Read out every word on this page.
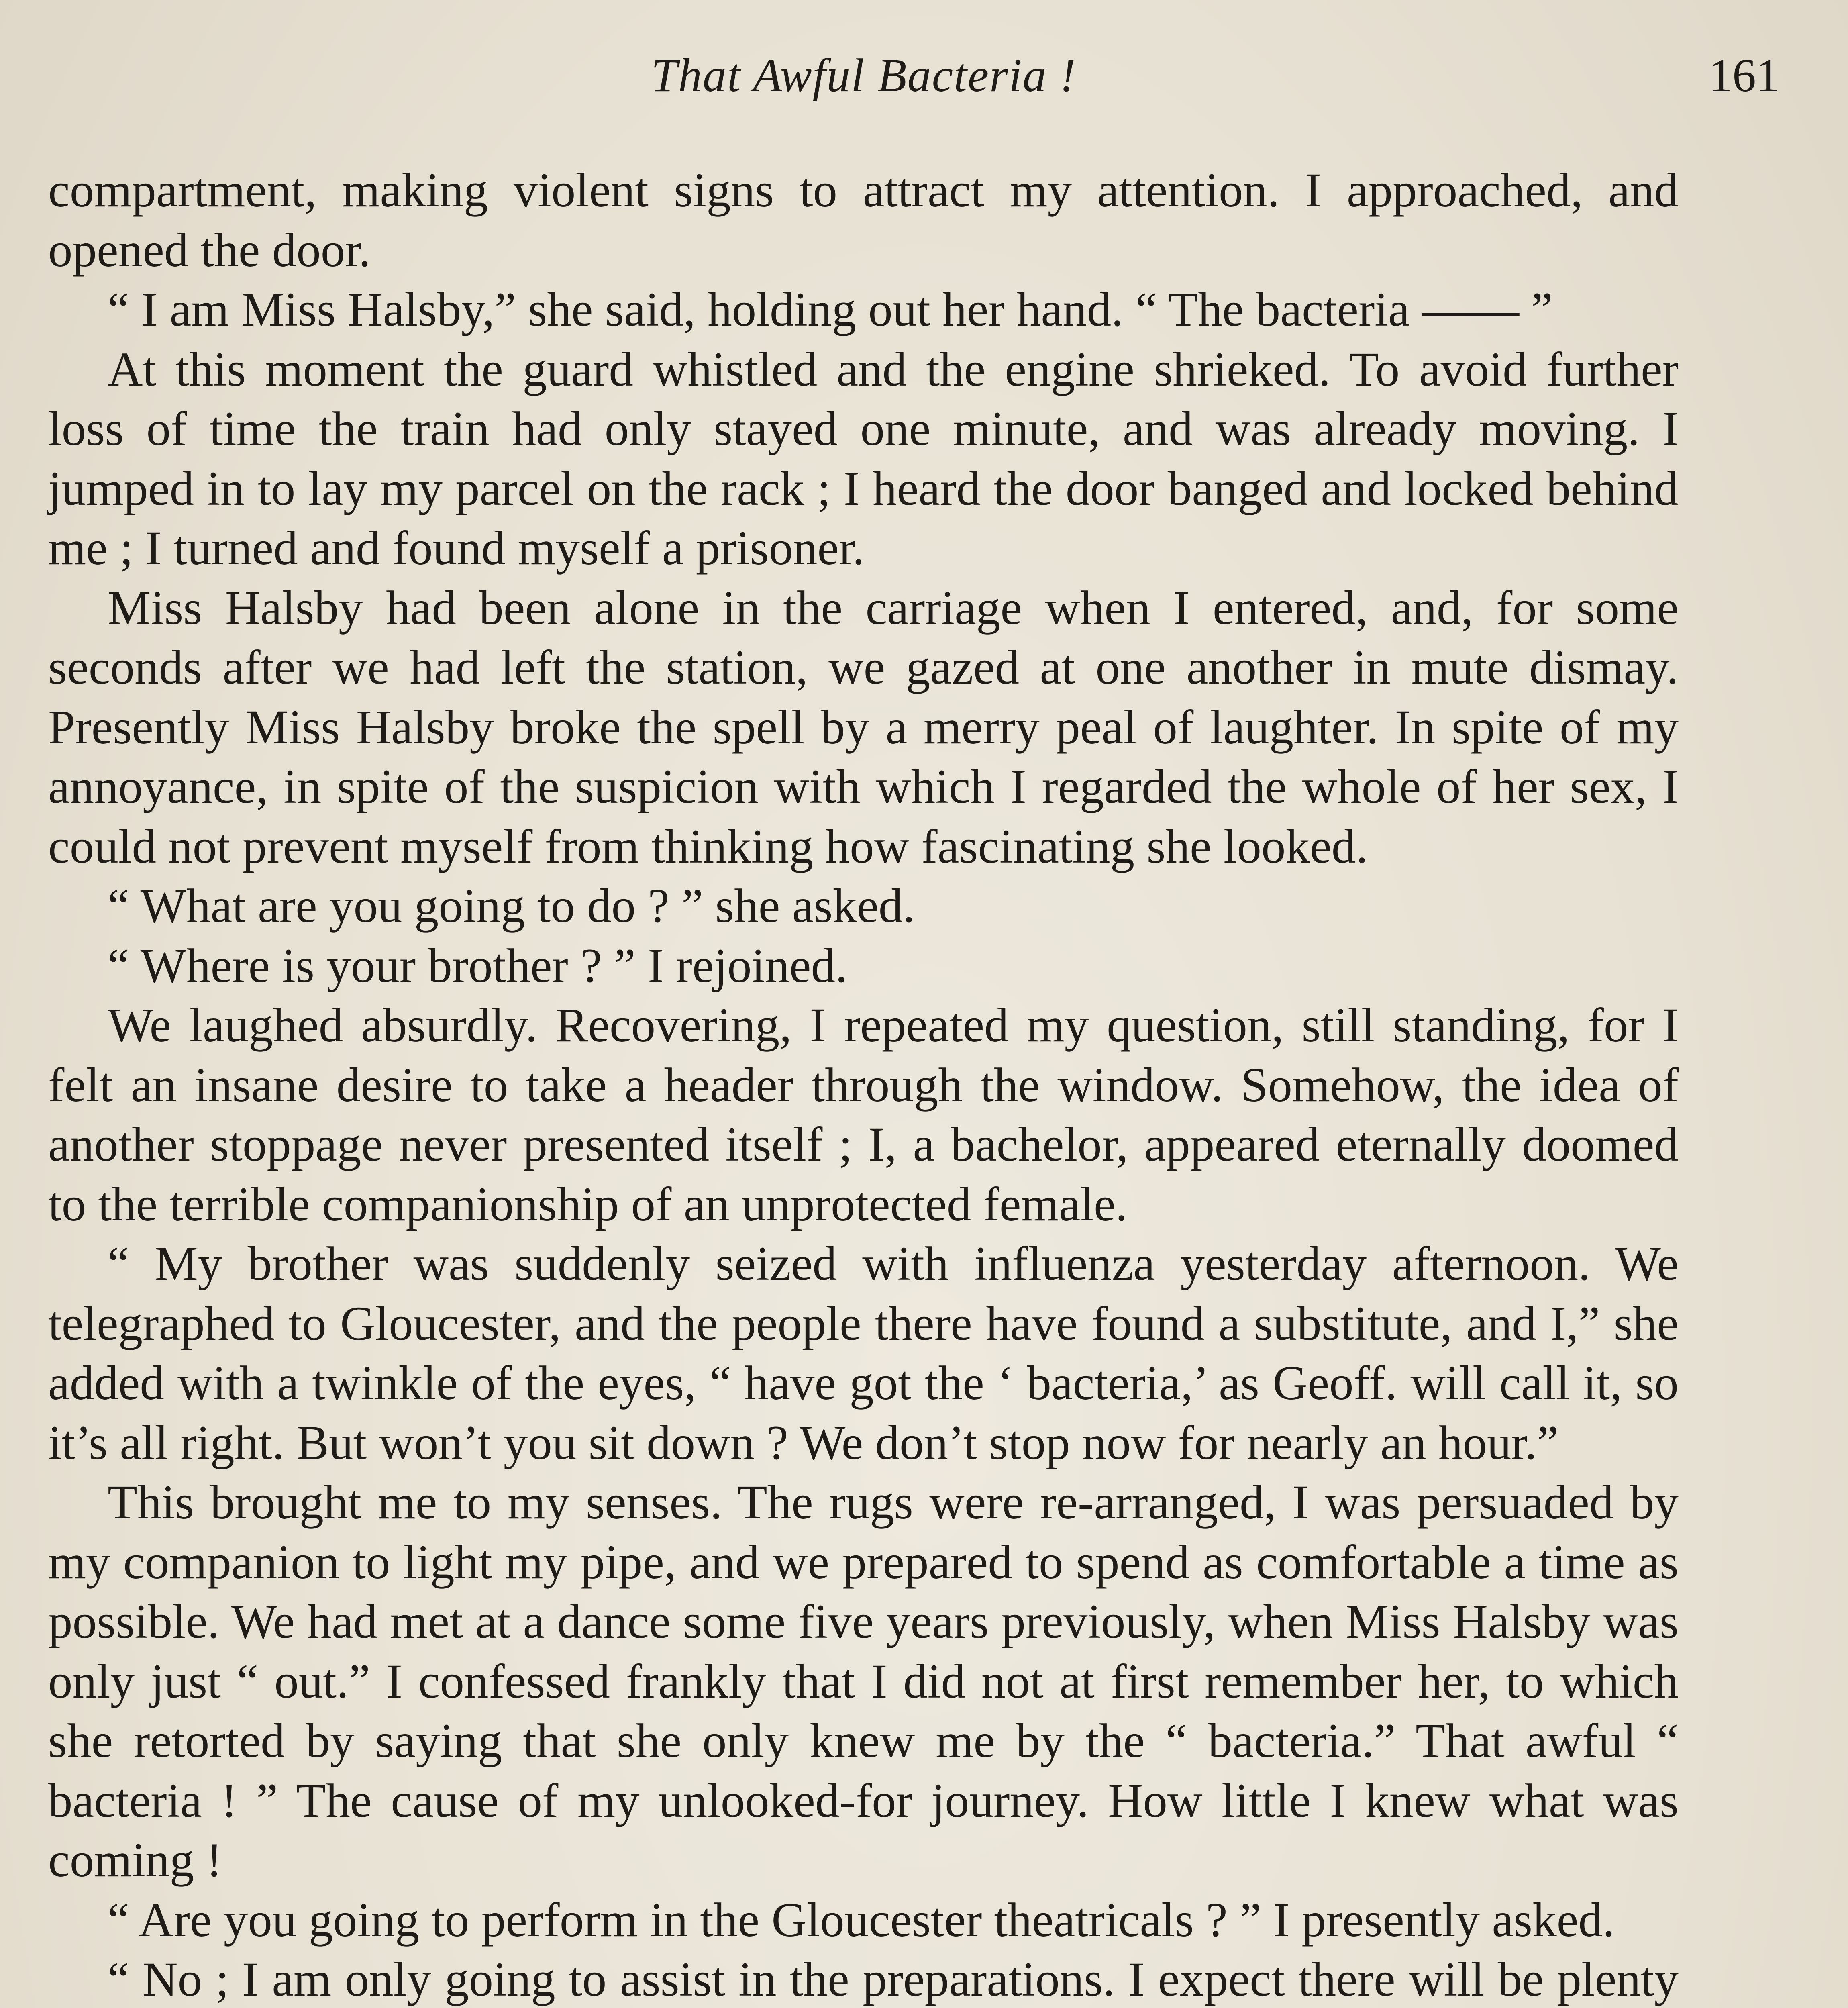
That Awful Bacteria !	161

compartment, making violent signs to attract my attention. I approached, and opened the door.

“ I am Miss Halsby,” she said, holding out her hand. “ The bacteria —— ”

At this moment the guard whistled and the engine shrieked. To avoid further loss of time the train had only stayed one minute, and was already moving. I jumped in to lay my parcel on the rack ; I heard the door banged and locked behind me ; I turned and found myself a prisoner.

Miss Halsby had been alone in the carriage when I entered, and, for some seconds after we had left the station, we gazed at one another in mute dismay. Presently Miss Halsby broke the spell by a merry peal of laughter. In spite of my annoyance, in spite of the suspicion with which I regarded the whole of her sex, I could not prevent myself from thinking how fascinating she looked.

“ What are you going to do ? ” she asked.

“ Where is your brother ? ” I rejoined.

We laughed absurdly. Recovering, I repeated my question, still standing, for I felt an insane desire to take a header through the window. Somehow, the idea of another stoppage never presented itself ; I, a bachelor, appeared eternally doomed to the terrible companionship of an unprotected female.

“ My brother was suddenly seized with influenza yesterday afternoon. We telegraphed to Gloucester, and the people there have found a substitute, and I,” she added with a twinkle of the eyes, “ have got the ‘ bacteria,’ as Geoff. will call it, so it’s all right. But won’t you sit down ? We don’t stop now for nearly an hour.”

This brought me to my senses. The rugs were re-arranged, I was persuaded by my companion to light my pipe, and we prepared to spend as comfortable a time as possible. We had met at a dance some five years previously, when Miss Halsby was only just “ out.” I confessed frankly that I did not at first remember her, to which she retorted by saying that she only knew me by the “ bacteria.” That awful “ bacteria ! ” The cause of my unlooked-for journey. How little I knew what was coming !

“ Are you going to perform in the Gloucester theatricals ? ” I presently asked.

“ No ; I am only going to assist in the preparations. I expect there will be plenty
